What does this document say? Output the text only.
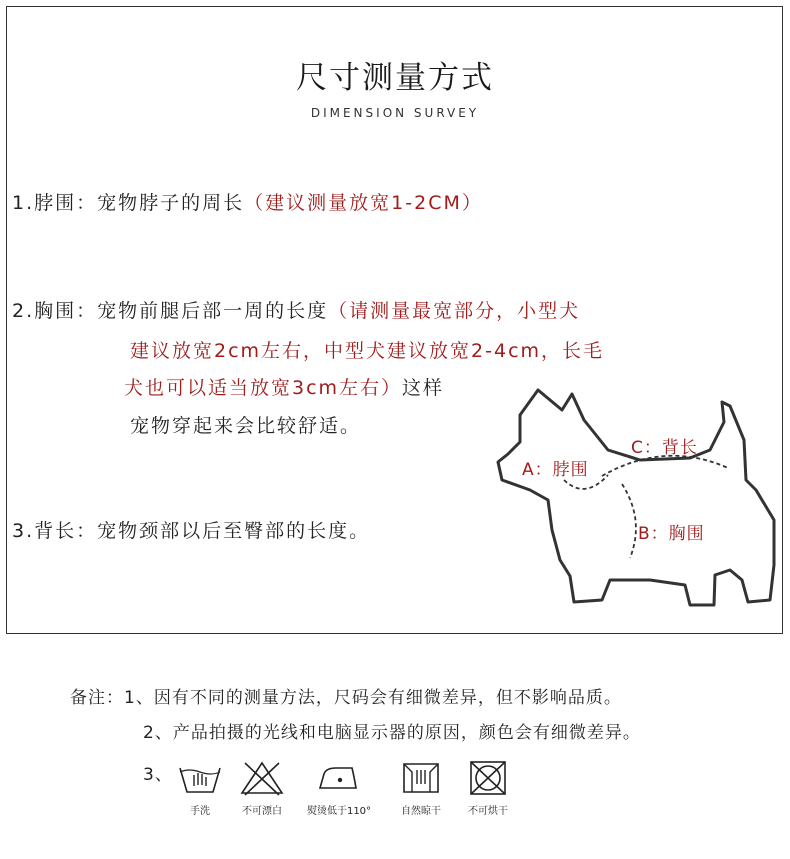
尺寸测量方式
DIMENSION SURVEY
1.脖围：宠物脖子的周长（建议测量放宽1-2CM）
2.胸围：宠物前腿后部一周的长度（请测量最宽部分，小型犬
建议放宽2cm左右，中型犬建议放宽2-4cm，长毛
犬也可以适当放宽3cm左右）这样
宠物穿起来会比较舒适。
3.背长：宠物颈部以后至臀部的长度。
A：脖围
C：背长
B：胸围
备注：1、因有不同的测量方法，尺码会有细微差异，但不影响品质。
2、产品拍摄的光线和电脑显示器的原因，颜色会有细微差异。
3、
手洗	不可漂白	熨烫低于110°	自然晾干	不可烘干
